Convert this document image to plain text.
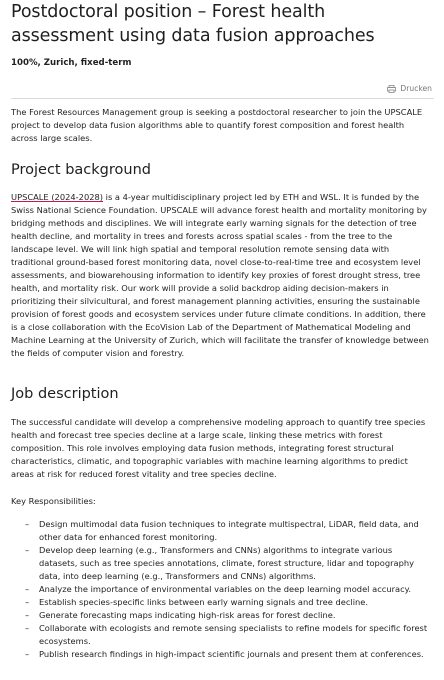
Postdoctoral position – Forest health assessment using data fusion approaches
100%, Zurich, fixed-term
Drucken

The Forest Resources Management group is seeking a postdoctoral researcher to join the UPSCALE project to develop data fusion algorithms able to quantify forest composition and forest health across large scales.

Project background

UPSCALE (2024-2028) is a 4-year multidisciplinary project led by ETH and WSL. It is funded by the Swiss National Science Foundation. UPSCALE will advance forest health and mortality monitoring by bridging methods and disciplines. We will integrate early warning signals for the detection of tree health decline, and mortality in trees and forests across spatial scales - from the tree to the landscape level. We will link high spatial and temporal resolution remote sensing data with traditional ground-based forest monitoring data, novel close-to-real-time tree and ecosystem level assessments, and biowarehousing information to identify key proxies of forest drought stress, tree health, and mortality risk. Our work will provide a solid backdrop aiding decision-makers in prioritizing their silvicultural, and forest management planning activities, ensuring the sustainable provision of forest goods and ecosystem services under future climate conditions. In addition, there is a close collaboration with the EcoVision Lab of the Department of Mathematical Modeling and Machine Learning at the University of Zurich, which will facilitate the transfer of knowledge between the fields of computer vision and forestry.

Job description

The successful candidate will develop a comprehensive modeling approach to quantify tree species health and forecast tree species decline at a large scale, linking these metrics with forest composition. This role involves employing data fusion methods, integrating forest structural characteristics, climatic, and topographic variables with machine learning algorithms to predict areas at risk for reduced forest vitality and tree species decline.

Key Responsibilities:

– Design multimodal data fusion techniques to integrate multispectral, LiDAR, field data, and other data for enhanced forest monitoring.
– Develop deep learning (e.g., Transformers and CNNs) algorithms to integrate various datasets, such as tree species annotations, climate, forest structure, lidar and topography data, into deep learning (e.g., Transformers and CNNs) algorithms.
– Analyze the importance of environmental variables on the deep learning model accuracy.
– Establish species-specific links between early warning signals and tree decline.
– Generate forecasting maps indicating high-risk areas for forest decline.
– Collaborate with ecologists and remote sensing specialists to refine models for specific forest ecosystems.
– Publish research findings in high-impact scientific journals and present them at conferences.
